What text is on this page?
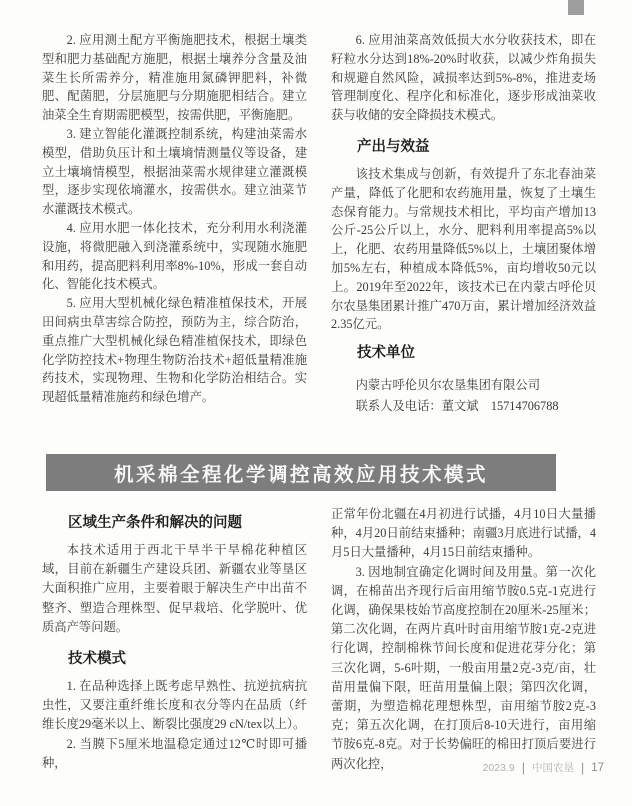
2. 应用测土配方平衡施肥技术，根据土壤类型和肥力基础配方施肥，根据土壤养分含量及油菜生长所需养分，精准施用氮磷钾肥料，补微肥、配菌肥，分层施肥与分期施肥相结合。建立油菜全生育期需肥模型，按需供肥，平衡施肥。

3. 建立智能化灌溉控制系统，构建油菜需水模型，借助负压计和土壤墒情测量仪等设备，建立土壤墒情模型，根据油菜需水规律建立灌溉模型，逐步实现依墒灌水，按需供水。建立油菜节水灌溉技术模式。

4. 应用水肥一体化技术，充分利用水利浇灌设施，将微肥融入到浇灌系统中，实现随水施肥和用药，提高肥料利用率8%-10%，形成一套自动化、智能化技术模式。

5. 应用大型机械化绿色精准植保技术，开展田间病虫草害综合防控，预防为主，综合防治，重点推广大型机械化绿色精准植保技术，即绿色化学防控技术+物理生物防治技术+超低量精准施药技术，实现物理、生物和化学防治相结合。实现超低量精准施药和绿色增产。

6. 应用油菜高效低损大水分收获技术，即在籽粒水分达到18%-20%时收获，以减少炸角损失和规避自然风险，减损率达到5%-8%，推进麦场管理制度化、程序化和标准化，逐步形成油菜收获与收储的安全降损技术模式。

产出与效益

该技术集成与创新，有效提升了东北春油菜产量，降低了化肥和农药施用量，恢复了土壤生态保育能力。与常规技术相比，平均亩产增加13公斤-25公斤以上，水分、肥料利用率提高5%以上，化肥、农药用量降低5%以上，土壤团聚体增加5%左右，种植成本降低5%，亩均增收50元以上。2019年至2022年，该技术已在内蒙古呼伦贝尔农垦集团累计推广470万亩，累计增加经济效益2.35亿元。

技术单位

内蒙古呼伦贝尔农垦集团有限公司

联系人及电话：董文斌　15714706788

机采棉全程化学调控高效应用技术模式
区域生产条件和解决的问题

本技术适用于西北干旱半干旱棉花种植区域，目前在新疆生产建设兵团、新疆农业等垦区大面积推广应用，主要着眼于解决生产中出苗不整齐、塑造合理株型、促早栽培、化学脱叶、优质高产等问题。

技术模式

1. 在品种选择上既考虑早熟性、抗逆抗病抗虫性，又要注重纤维长度和衣分等内在品质（纤维长度29毫米以上、断裂比强度29 cN/tex以上）。

2. 当膜下5厘米地温稳定通过12℃时即可播种，

正常年份北疆在4月初进行试播，4月10日大量播种，4月20日前结束播种；南疆3月底进行试播，4月5日大量播种，4月15日前结束播种。

3. 因地制宜确定化调时间及用量。第一次化调，在棉苗出齐现行后亩用缩节胺0.5克-1克进行化调，确保果枝始节高度控制在20厘米-25厘米；第二次化调，在两片真叶时亩用缩节胺1克-2克进行化调，控制棉株节间长度和促进花芽分化；第三次化调，5-6叶期，一般亩用量2克-3克/亩，壮苗用量偏下限，旺苗用量偏上限；第四次化调，蕾期，为塑造棉花理想株型，亩用缩节胺2克-3克；第五次化调，在打顶后8-10天进行，亩用缩节胺6克-8克。对于长势偏旺的棉田打顶后要进行两次化控，	2023.9 | 中国农垦 | 17
